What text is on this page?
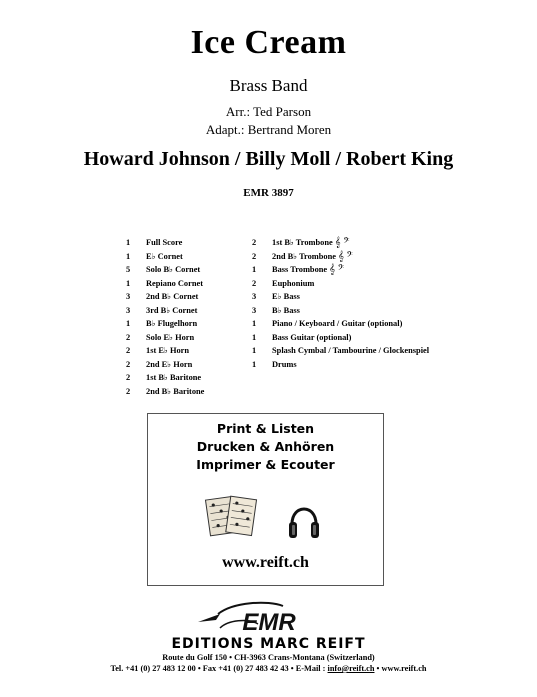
Ice Cream
Brass Band
Arr.: Ted Parson
Adapt.: Bertrand Moren
Howard Johnson / Billy Moll / Robert King
EMR 3897
1	Full Score
1	E♭ Cornet
5	Solo B♭ Cornet
1	Repiano Cornet
3	2nd B♭ Cornet
3	3rd B♭ Cornet
1	B♭ Flugelhorn
2	Solo E♭ Horn
2	1st E♭ Horn
2	2nd E♭ Horn
2	1st B♭ Baritone
2	2nd B♭ Baritone
2	1st B♭ Trombone 𝄞 𝄢
2	2nd B♭ Trombone 𝄞 𝄢
1	Bass Trombone 𝄞 𝄢
2	Euphonium
3	E♭ Bass
3	B♭ Bass
1	Piano / Keyboard / Guitar (optional)
1	Bass Guitar (optional)
1	Splash Cymbal / Tambourine / Glockenspiel
1	Drums
Print & Listen
Drucken & Anhören
Imprimer & Ecouter
www.reift.ch
EMR
EDITIONS MARC REIFT
Route du Golf 150 • CH-3963 Crans-Montana (Switzerland)
Tel. +41 (0) 27 483 12 00 • Fax +41 (0) 27 483 42 43 • E-Mail : info@reift.ch • www.reift.ch
